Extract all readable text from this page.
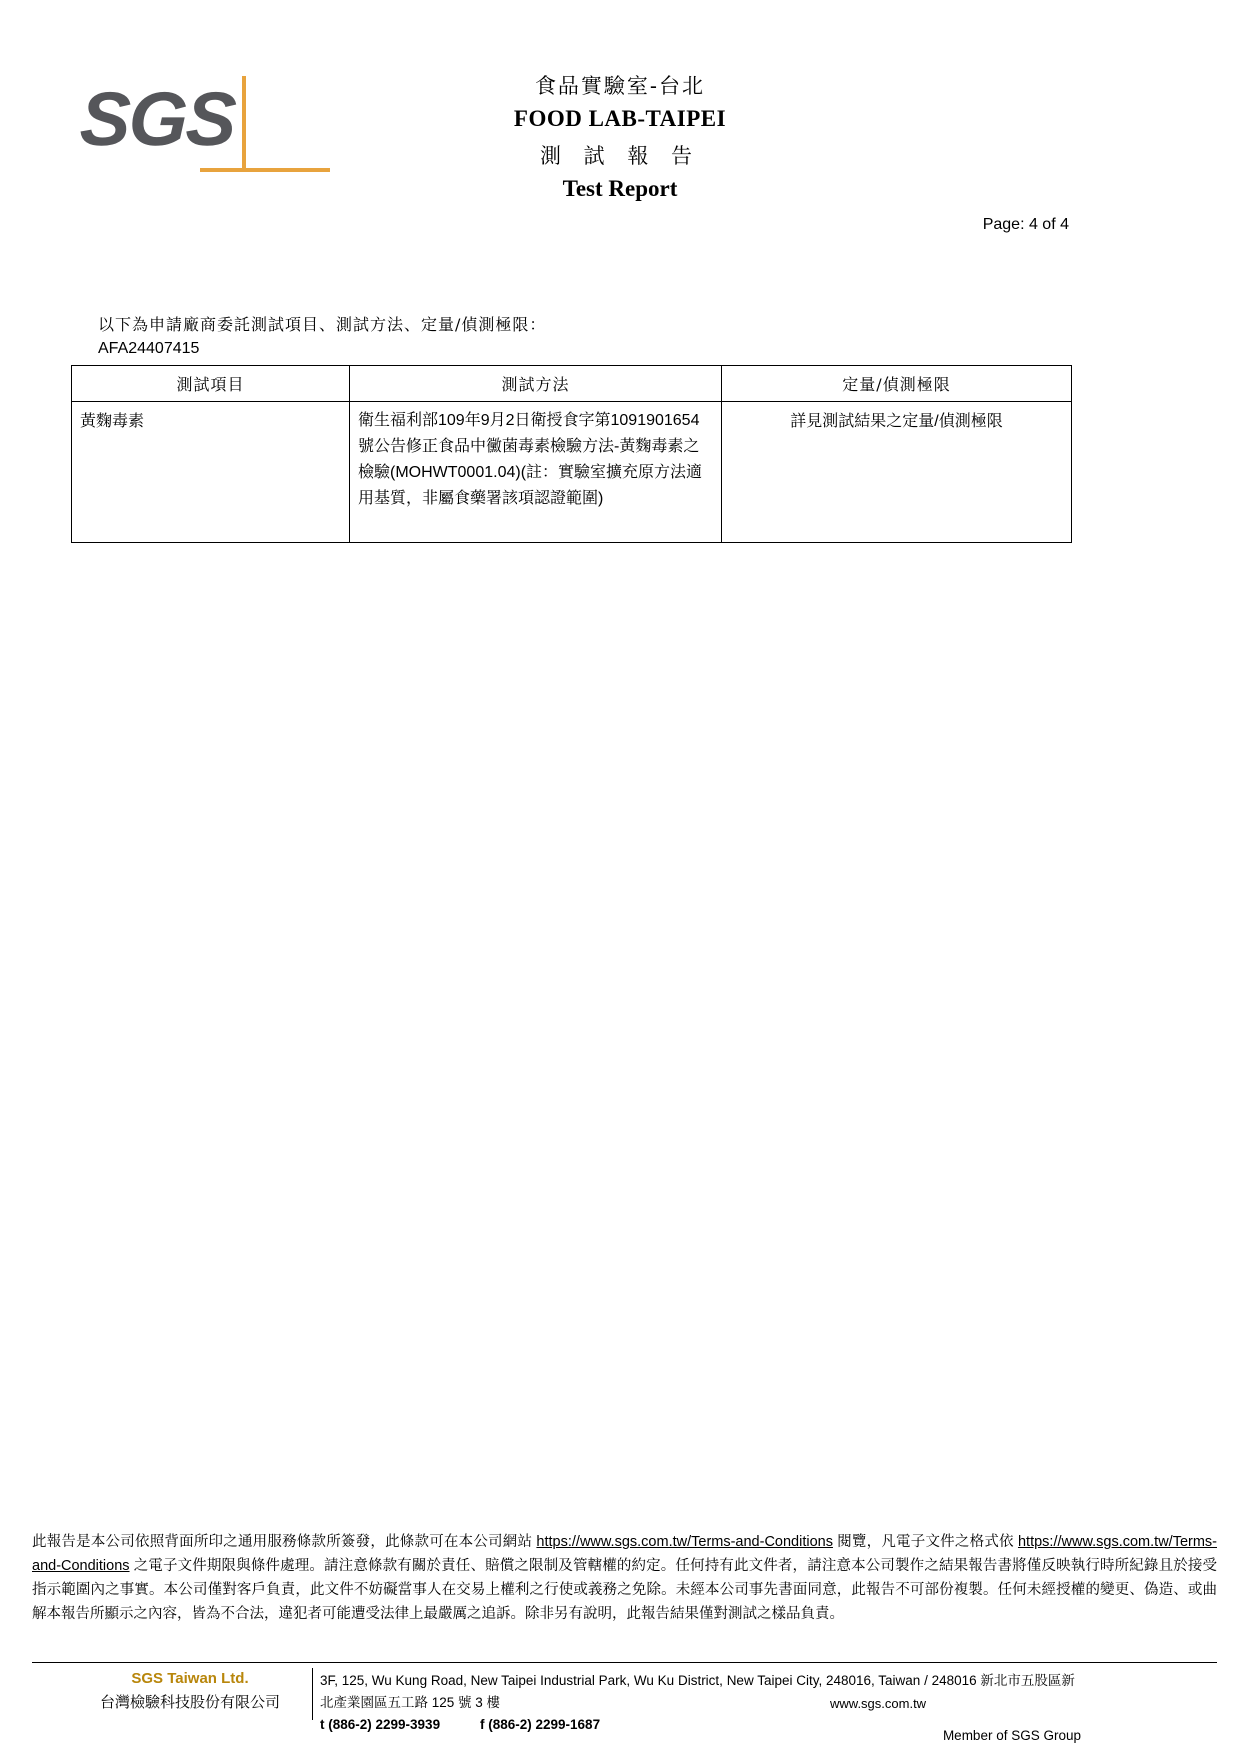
SGS	食品實驗室-台北
FOOD LAB-TAIPEI
測 試 報 告
Test Report
Page: 4 of 4
以下為申請廠商委託測試項目、測試方法、定量/偵測極限：
AFA24407415
測試項目	測試方法	定量/偵測極限
黃麴毒素	衛生福利部109年9月2日衛授食字第1091901654號公告修正食品中黴菌毒素檢驗方法-黃麴毒素之檢驗(MOHWT0001.04)(註：實驗室擴充原方法適用基質，非屬食藥署該項認證範圍)	詳見測試結果之定量/偵測極限
此報告是本公司依照背面所印之通用服務條款所簽發，此條款可在本公司網站 https://www.sgs.com.tw/Terms-and-Conditions 閱覽，凡電子文件之格式依 https://www.sgs.com.tw/Terms-and-Conditions 之電子文件期限與條件處理。請注意條款有關於責任、賠償之限制及管轄權的約定。任何持有此文件者，請注意本公司製作之結果報告書將僅反映執行時所紀錄且於接受指示範圍內之事實。本公司僅對客戶負責，此文件不妨礙當事人在交易上權利之行使或義務之免除。未經本公司事先書面同意，此報告不可部份複製。任何未經授權的變更、偽造、或曲解本報告所顯示之內容，皆為不合法，違犯者可能遭受法律上最嚴厲之追訴。除非另有說明，此報告結果僅對測試之樣品負責。
SGS Taiwan Ltd.
台灣檢驗科技股份有限公司
3F, 125, Wu Kung Road, New Taipei Industrial Park, Wu Ku District, New Taipei City, 248016, Taiwan / 248016 新北市五股區新北產業園區五工路 125 號 3 樓
t (886-2) 2299-3939	f (886-2) 2299-1687
www.sgs.com.tw
Member of SGS Group
